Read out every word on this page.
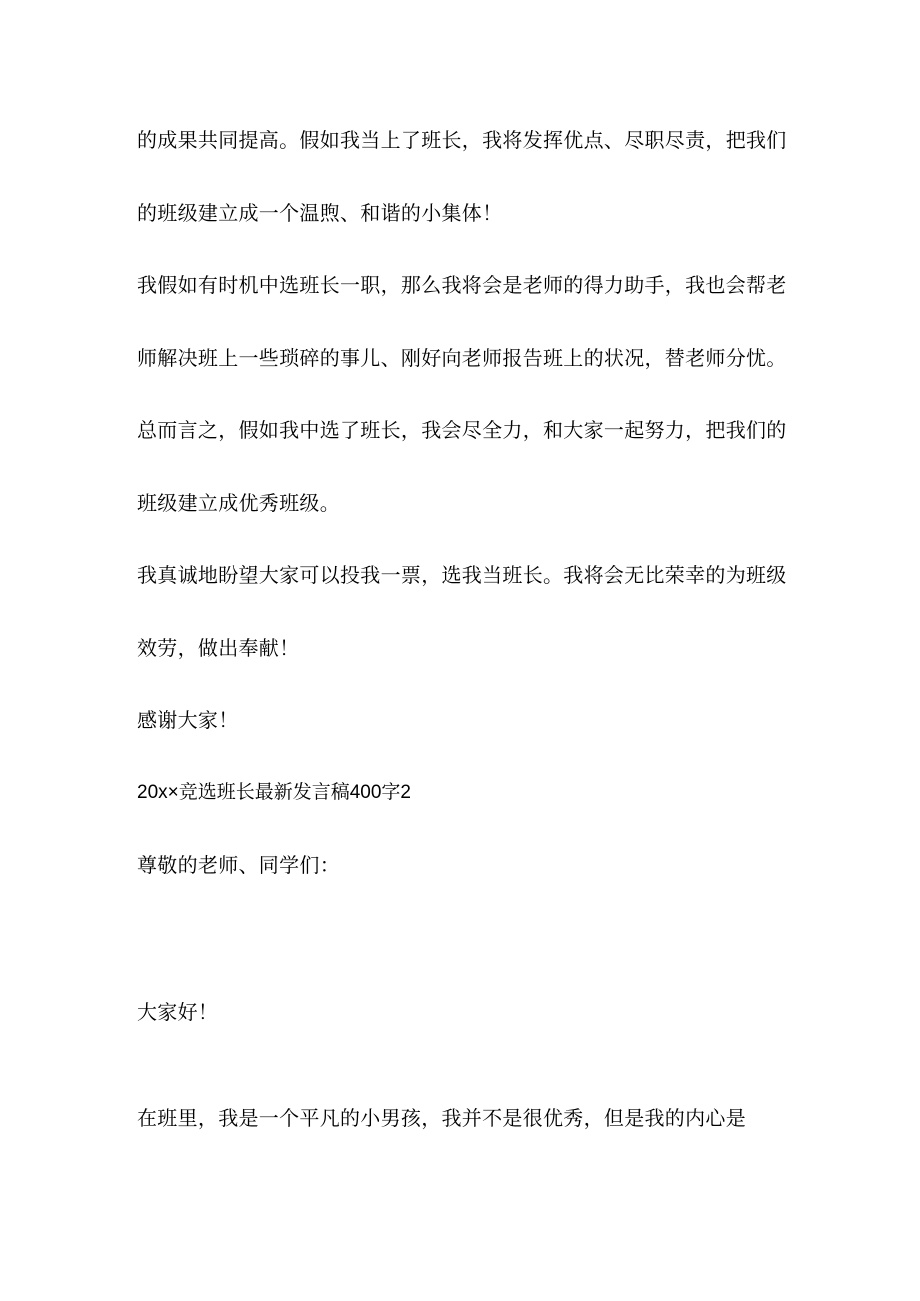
的成果共同提高。假如我当上了班长，我将发挥优点、尽职尽责，把我们
的班级建立成一个温煦、和谐的小集体！
我假如有时机中选班长一职，那么我将会是老师的得力助手，我也会帮老
师解决班上一些琐碎的事儿、刚好向老师报告班上的状况，替老师分忧。
总而言之，假如我中选了班长，我会尽全力，和大家一起努力，把我们的
班级建立成优秀班级。
我真诚地盼望大家可以投我一票，选我当班长。我将会无比荣幸的为班级
效劳，做出奉献！
感谢大家！
20x×竞选班长最新发言稿400字2
尊敬的老师、同学们：
大家好！
在班里，我是一个平凡的小男孩，我并不是很优秀，但是我的内心是
